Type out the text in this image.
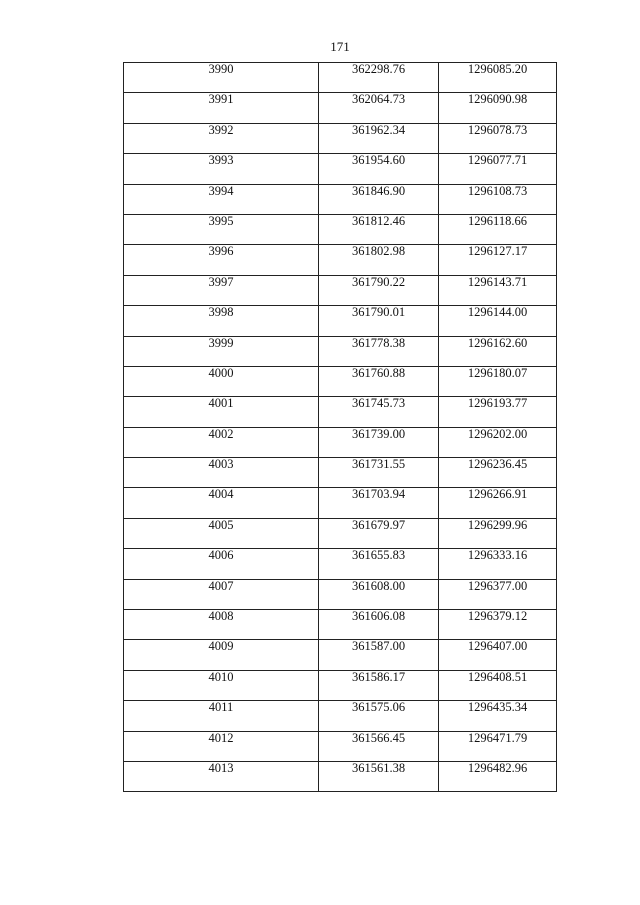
171
3990	362298.76	1296085.20
3991	362064.73	1296090.98
3992	361962.34	1296078.73
3993	361954.60	1296077.71
3994	361846.90	1296108.73
3995	361812.46	1296118.66
3996	361802.98	1296127.17
3997	361790.22	1296143.71
3998	361790.01	1296144.00
3999	361778.38	1296162.60
4000	361760.88	1296180.07
4001	361745.73	1296193.77
4002	361739.00	1296202.00
4003	361731.55	1296236.45
4004	361703.94	1296266.91
4005	361679.97	1296299.96
4006	361655.83	1296333.16
4007	361608.00	1296377.00
4008	361606.08	1296379.12
4009	361587.00	1296407.00
4010	361586.17	1296408.51
4011	361575.06	1296435.34
4012	361566.45	1296471.79
4013	361561.38	1296482.96
